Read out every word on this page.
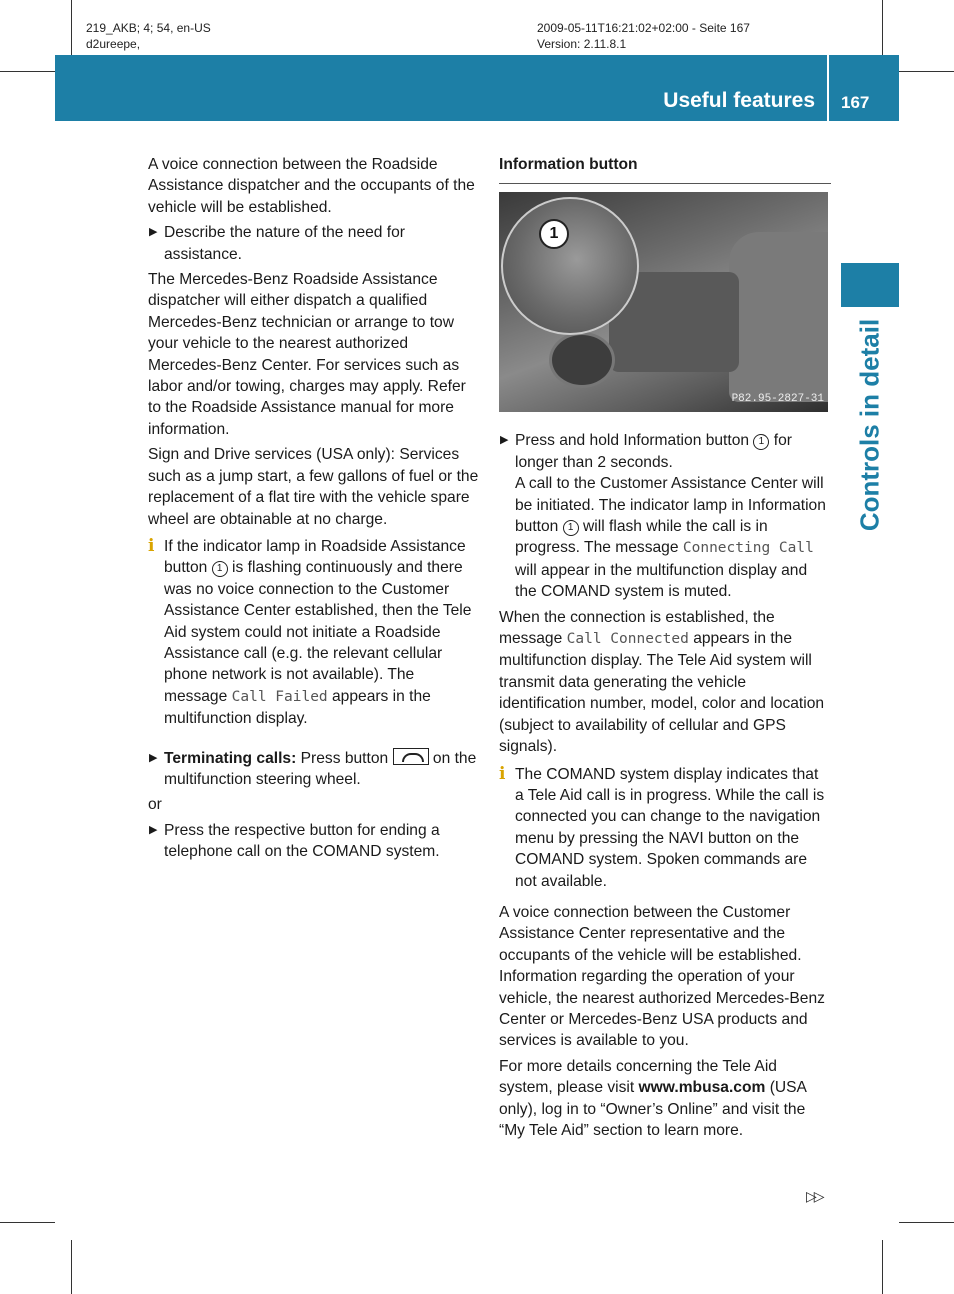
219_AKB; 4; 54, en-US
d2ureepe,
2009-05-11T16:21:02+02:00 - Seite 167
Version: 2.11.8.1
Useful features 167
Controls in detail

A voice connection between the Roadside Assistance dispatcher and the occupants of the vehicle will be established.

▶ Describe the nature of the need for assistance.

The Mercedes-Benz Roadside Assistance dispatcher will either dispatch a qualified Mercedes-Benz technician or arrange to tow your vehicle to the nearest authorized Mercedes-Benz Center. For services such as labor and/or towing, charges may apply. Refer to the Roadside Assistance manual for more information.

Sign and Drive services (USA only): Services such as a jump start, a few gallons of fuel or the replacement of a flat tire with the vehicle spare wheel are obtainable at no charge.

i If the indicator lamp in Roadside Assistance button 1 is flashing continuously and there was no voice connection to the Customer Assistance Center established, then the Tele Aid system could not initiate a Roadside Assistance call (e.g. the relevant cellular phone network is not available). The message Call Failed appears in the multifunction display.
▶ Terminating calls: Press button	on the multifunction steering wheel.

or

▶ Press the respective button for ending a telephone call on the COMAND system.
Information button
1
P82.95-2827-31
▶ Press and hold Information button 1 for longer than 2 seconds.
A call to the Customer Assistance Center will be initiated. The indicator lamp in Information button 1 will flash while the call is in progress. The message Connecting Call will appear in the multifunction display and the COMAND system is muted.

When the connection is established, the message Call Connected appears in the multifunction display. The Tele Aid system will transmit data generating the vehicle identification number, model, color and location (subject to availability of cellular and GPS signals).

i The COMAND system display indicates that a Tele Aid call is in progress. While the call is connected you can change to the navigation menu by pressing the NAVI button on the COMAND system. Spoken commands are not available.

A voice connection between the Customer Assistance Center representative and the occupants of the vehicle will be established. Information regarding the operation of your vehicle, the nearest authorized Mercedes-Benz Center or Mercedes-Benz USA products and services is available to you.

For more details concerning the Tele Aid system, please visit www.mbusa.com (USA only), log in to “Owner’s Online” and visit the “My Tele Aid” section to learn more.

▷▷
